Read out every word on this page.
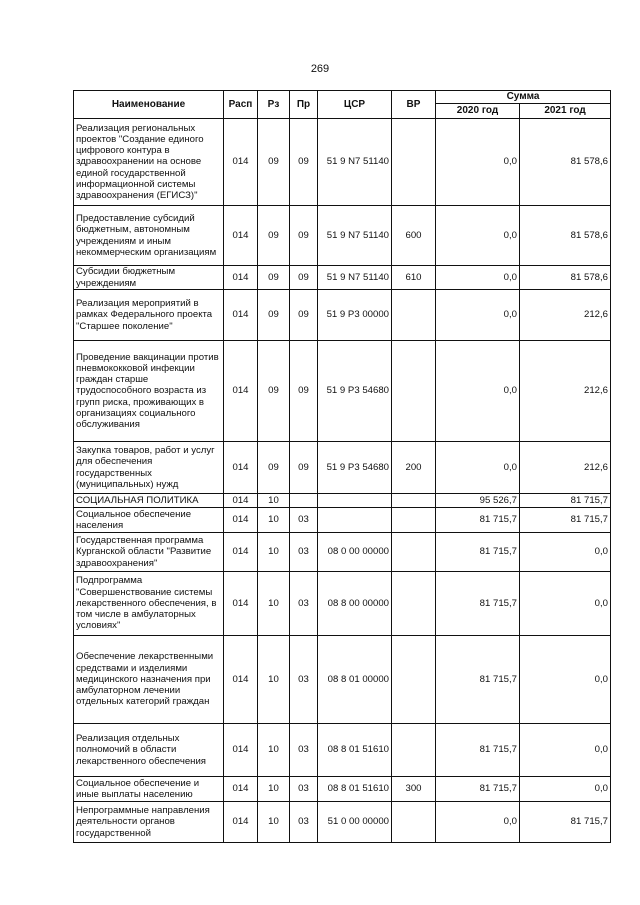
269
Наименование	Расп	Рз	Пр	ЦСР	ВР	Сумма	
						2020 год	2021 год
Реализация региональных проектов "Создание единого цифрового контура в здравоохранении на основе единой государственной информационной системы здравоохранения (ЕГИСЗ)"	014	09	09	51 9 N7 51140		0,0	81 578,6
Предоставление субсидий бюджетным, автономным учреждениям и иным некоммерческим организациям	014	09	09	51 9 N7 51140	600	0,0	81 578,6
Субсидии бюджетным учреждениям	014	09	09	51 9 N7 51140	610	0,0	81 578,6
Реализация мероприятий в рамках Федерального проекта "Старшее поколение"	014	09	09	51 9 P3 00000		0,0	212,6
Проведение вакцинации против пневмококковой инфекции граждан старше трудоспособного возраста из групп риска, проживающих в организациях социального обслуживания	014	09	09	51 9 P3 54680		0,0	212,6
Закупка товаров, работ и услуг для обеспечения государственных (муниципальных) нужд	014	09	09	51 9 P3 54680	200	0,0	212,6
СОЦИАЛЬНАЯ ПОЛИТИКА	014	10				95 526,7	81 715,7
Социальное обеспечение населения	014	10	03			81 715,7	81 715,7
Государственная программа Курганской области "Развитие здравоохранения"	014	10	03	08 0 00 00000		81 715,7	0,0
Подпрограмма "Совершенствование системы лекарственного обеспечения, в том числе в амбулаторных условиях"	014	10	03	08 8 00 00000		81 715,7	0,0
Обеспечение лекарственными средствами и изделиями медицинского назначения при амбулаторном лечении отдельных категорий граждан	014	10	03	08 8 01 00000		81 715,7	0,0
Реализация отдельных полномочий в области лекарственного обеспечения	014	10	03	08 8 01 51610		81 715,7	0,0
Социальное обеспечение и иные выплаты населению	014	10	03	08 8 01 51610	300	81 715,7	0,0
Непрограммные направления деятельности органов государственной	014	10	03	51 0 00 00000		0,0	81 715,7
